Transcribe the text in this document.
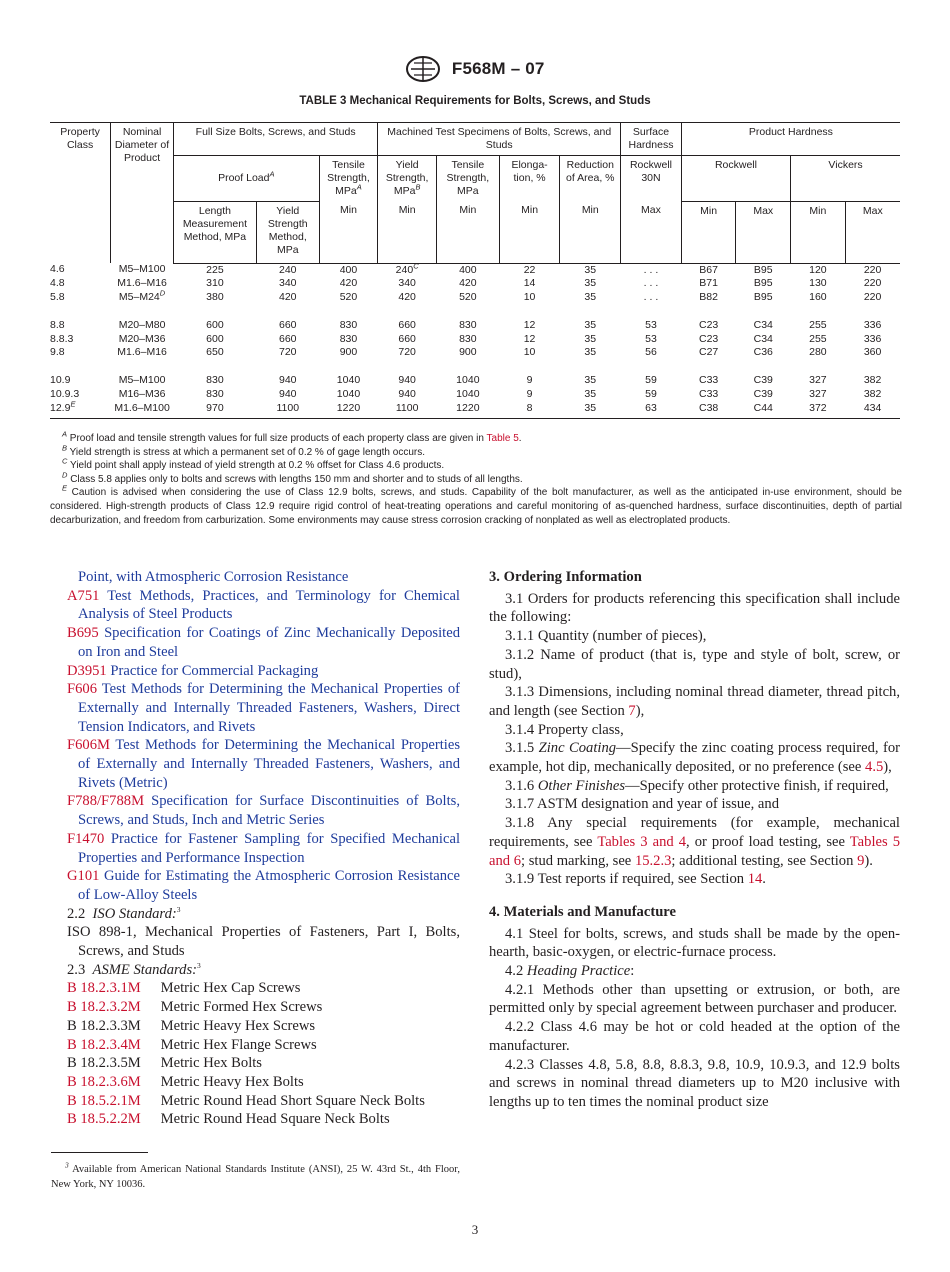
F568M – 07
TABLE 3 Mechanical Requirements for Bolts, Screws, and Studs
Property Class	Nominal Diameter of Product	Full Size Bolts, Screws, and Studs			Machined Test Specimens of Bolts, Screws, and Studs				Surface Hardness	Product Hardness			
		Proof Load$^A$		Tensile Strength, MPa$^A$	Yield Strength, MPa$^B$	Tensile Strength, MPa	Elonga- tion, %	Reduction of Area, %	Rockwell 30N	Rockwell		Vickers	
		Length Measurement Method, MPa	Yield Strength Method, MPa	Min	Min	Min	Min	Min	Max	Min	Max	Min	Max
4.6	M5–M100	225	240	400	$240^C$	400	22	35	. . .	B67	B95	120	220
4.8	M1.6–M16	310	340	420	340	420	14	35	. . .	B71	B95	130	220
5.8	$M5-M24^D$	380	420	520	420	520	10	35	. . .	B82	B95	160	220

8.8	M20–M80	600	660	830	660	830	12	35	53	C23	C34	255	336
8.8.3	M20–M36	600	660	830	660	830	12	35	53	C23	C34	255	336
9.8	M1.6–M16	650	720	900	720	900	10	35	56	C27	C36	280	360

10.9	M5–M100	830	940	1040	940	1040	9	35	59	C33	C39	327	382
10.9.3	M16–M36	830	940	1040	940	1040	9	35	59	C33	C39	327	382
$12.9^E$	M1.6–M100	970	1100	1220	1100	1220	8	35	63	C38	C44	372	434

$^A$ Proof load and tensile strength values for full size products of each property class are given in Table 5.

$^B$ Yield strength is stress at which a permanent set of 0.2 % of gage length occurs.

$^C$ Yield point shall apply instead of yield strength at 0.2 % offset for Class 4.6 products.

$^D$ Class 5.8 applies only to bolts and screws with lengths 150 mm and shorter and to studs of all lengths.

$^E$ Caution is advised when considering the use of Class 12.9 bolts, screws, and studs. Capability of the bolt manufacturer, as well as the anticipated in-use environment, should be considered. High-strength products of Class 12.9 require rigid control of heat-treating operations and careful monitoring of as-quenched hardness, surface discontinuities, depth of partial decarburization, and freedom from carburization. Some environments may cause stress corrosion cracking of nonplated as well as electroplated products.

Point, with Atmospheric Corrosion Resistance

A751 Test Methods, Practices, and Terminology for Chemical Analysis of Steel Products

B695 Specification for Coatings of Zinc Mechanically Deposited on Iron and Steel

D3951 Practice for Commercial Packaging

F606 Test Methods for Determining the Mechanical Properties of Externally and Internally Threaded Fasteners, Washers, Direct Tension Indicators, and Rivets

F606M Test Methods for Determining the Mechanical Properties of Externally and Internally Threaded Fasteners, Washers, and Rivets (Metric)

F788/F788M Specification for Surface Discontinuities of Bolts, Screws, and Studs, Inch and Metric Series

F1470 Practice for Fastener Sampling for Specified Mechanical Properties and Performance Inspection

G101 Guide for Estimating the Atmospheric Corrosion Resistance of Low-Alloy Steels

2.2 ISO Standard:$^3$

ISO 898-1, Mechanical Properties of Fasteners, Part I, Bolts, Screws, and Studs

2.3 ASME Standards:$^3$

B 18.2.3.1M Metric Hex Cap Screws

B 18.2.3.2M Metric Formed Hex Screws

B 18.2.3.3M Metric Heavy Hex Screws

B 18.2.3.4M Metric Hex Flange Screws

B 18.2.3.5M Metric Hex Bolts

B 18.2.3.6M Metric Heavy Hex Bolts

B 18.5.2.1M Metric Round Head Short Square Neck Bolts

B 18.5.2.2M Metric Round Head Square Neck Bolts

$^3$ Available from American National Standards Institute (ANSI), 25 W. 43rd St., 4th Floor, New York, NY 10036.

3. Ordering Information

3.1 Orders for products referencing this specification shall include the following:

3.1.1 Quantity (number of pieces),

3.1.2 Name of product (that is, type and style of bolt, screw, or stud),

3.1.3 Dimensions, including nominal thread diameter, thread pitch, and length (see Section 7),

3.1.4 Property class,

3.1.5 Zinc Coating—Specify the zinc coating process required, for example, hot dip, mechanically deposited, or no preference (see 4.5),

3.1.6 Other Finishes—Specify other protective finish, if required,

3.1.7 ASTM designation and year of issue, and

3.1.8 Any special requirements (for example, mechanical requirements, see Tables 3 and 4, or proof load testing, see Tables 5 and 6; stud marking, see 15.2.3; additional testing, see Section 9).

3.1.9 Test reports if required, see Section 14.

4. Materials and Manufacture

4.1 Steel for bolts, screws, and studs shall be made by the open-hearth, basic-oxygen, or electric-furnace process.

4.2 Heading Practice:

4.2.1 Methods other than upsetting or extrusion, or both, are permitted only by special agreement between purchaser and producer.

4.2.2 Class 4.6 may be hot or cold headed at the option of the manufacturer.

4.2.3 Classes 4.8, 5.8, 8.8, 8.8.3, 9.8, 10.9, 10.9.3, and 12.9 bolts and screws in nominal thread diameters up to M20 inclusive with lengths up to ten times the nominal product size

3
